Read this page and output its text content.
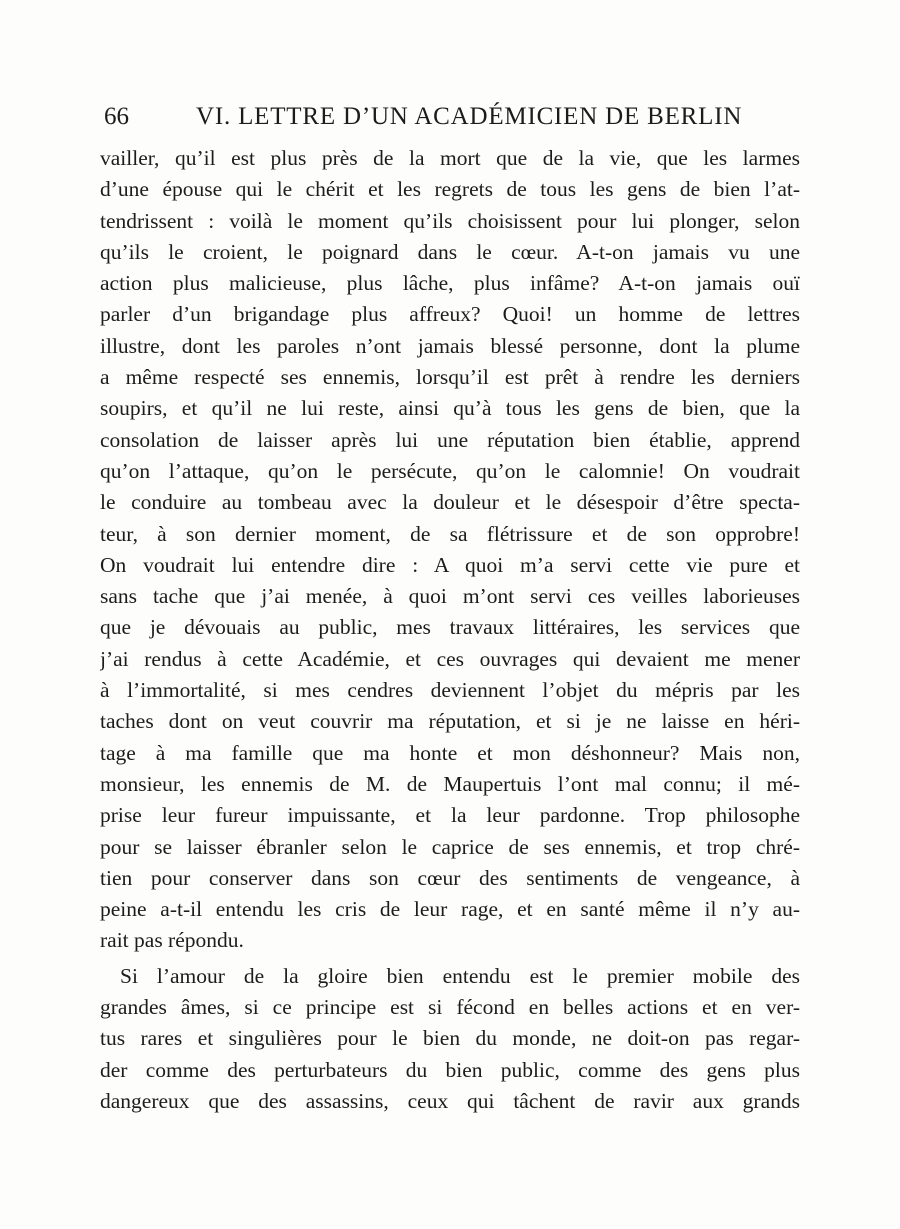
66	VI. LETTRE D’UN ACADÉMICIEN DE BERLIN
vailler, qu’il est plus près de la mort que de la vie, que les larmes
d’une épouse qui le chérit et les regrets de tous les gens de bien l’at-
tendrissent : voilà le moment qu’ils choisissent pour lui plonger, selon
qu’ils le croient, le poignard dans le cœur. A-t-on jamais vu une
action plus malicieuse, plus lâche, plus infâme? A-t-on jamais ouï
parler d’un brigandage plus affreux? Quoi! un homme de lettres
illustre, dont les paroles n’ont jamais blessé personne, dont la plume
a même respecté ses ennemis, lorsqu’il est prêt à rendre les derniers
soupirs, et qu’il ne lui reste, ainsi qu’à tous les gens de bien, que la
consolation de laisser après lui une réputation bien établie, apprend
qu’on l’attaque, qu’on le persécute, qu’on le calomnie! On voudrait
le conduire au tombeau avec la douleur et le désespoir d’être specta-
teur, à son dernier moment, de sa flétrissure et de son opprobre!
On voudrait lui entendre dire : A quoi m’a servi cette vie pure et
sans tache que j’ai menée, à quoi m’ont servi ces veilles laborieuses
que je dévouais au public, mes travaux littéraires, les services que
j’ai rendus à cette Académie, et ces ouvrages qui devaient me mener
à l’immortalité, si mes cendres deviennent l’objet du mépris par les
taches dont on veut couvrir ma réputation, et si je ne laisse en héri-
tage à ma famille que ma honte et mon déshonneur? Mais non,
monsieur, les ennemis de M. de Maupertuis l’ont mal connu; il mé-
prise leur fureur impuissante, et la leur pardonne. Trop philosophe
pour se laisser ébranler selon le caprice de ses ennemis, et trop chré-
tien pour conserver dans son cœur des sentiments de vengeance, à
peine a-t-il entendu les cris de leur rage, et en santé même il n’y au-
rait pas répondu.
Si l’amour de la gloire bien entendu est le premier mobile des
grandes âmes, si ce principe est si fécond en belles actions et en ver-
tus rares et singulières pour le bien du monde, ne doit-on pas regar-
der comme des perturbateurs du bien public, comme des gens plus
dangereux que des assassins, ceux qui tâchent de ravir aux grands
